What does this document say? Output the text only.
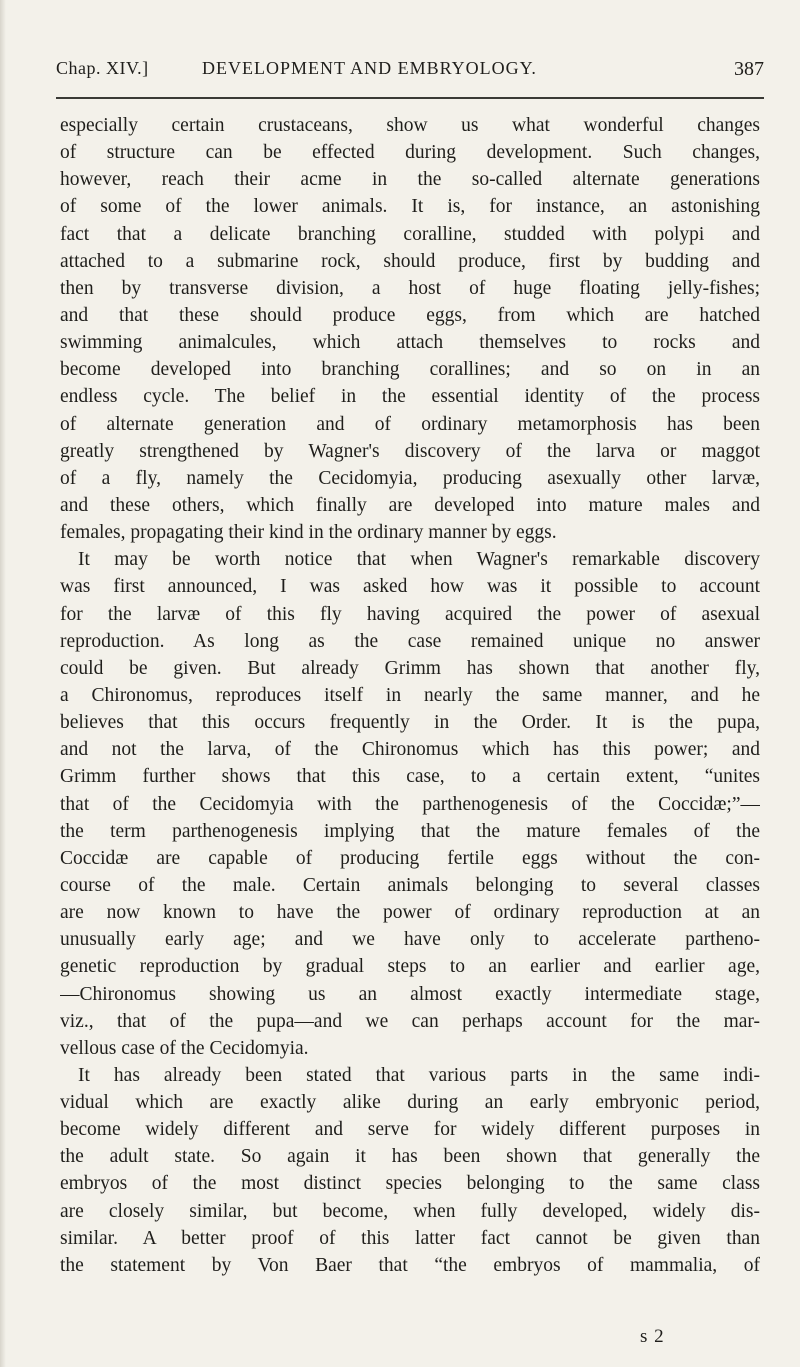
Chap. XIV.]	DEVELOPMENT AND EMBRYOLOGY.	387
especially certain crustaceans, show us what wonderful changes
of structure can be effected during development. Such changes,
however, reach their acme in the so-called alternate generations
of some of the lower animals. It is, for instance, an astonishing
fact that a delicate branching coralline, studded with polypi and
attached to a submarine rock, should produce, first by budding and
then by transverse division, a host of huge floating jelly-fishes;
and that these should produce eggs, from which are hatched
swimming animalcules, which attach themselves to rocks and
become developed into branching corallines; and so on in an
endless cycle. The belief in the essential identity of the process
of alternate generation and of ordinary metamorphosis has been
greatly strengthened by Wagner's discovery of the larva or maggot
of a fly, namely the Cecidomyia, producing asexually other larvæ,
and these others, which finally are developed into mature males and
females, propagating their kind in the ordinary manner by eggs.
It may be worth notice that when Wagner's remarkable discovery
was first announced, I was asked how was it possible to account
for the larvæ of this fly having acquired the power of asexual
reproduction. As long as the case remained unique no answer
could be given. But already Grimm has shown that another fly,
a Chironomus, reproduces itself in nearly the same manner, and he
believes that this occurs frequently in the Order. It is the pupa,
and not the larva, of the Chironomus which has this power; and
Grimm further shows that this case, to a certain extent, “unites
that of the Cecidomyia with the parthenogenesis of the Coccidæ;”—
the term parthenogenesis implying that the mature females of the
Coccidæ are capable of producing fertile eggs without the con-
course of the male. Certain animals belonging to several classes
are now known to have the power of ordinary reproduction at an
unusually early age; and we have only to accelerate partheno-
genetic reproduction by gradual steps to an earlier and earlier age,
—Chironomus showing us an almost exactly intermediate stage,
viz., that of the pupa—and we can perhaps account for the mar-
vellous case of the Cecidomyia.
It has already been stated that various parts in the same indi-
vidual which are exactly alike during an early embryonic period,
become widely different and serve for widely different purposes in
the adult state. So again it has been shown that generally the
embryos of the most distinct species belonging to the same class
are closely similar, but become, when fully developed, widely dis-
similar. A better proof of this latter fact cannot be given than
the statement by Von Baer that “the embryos of mammalia, of
s 2
